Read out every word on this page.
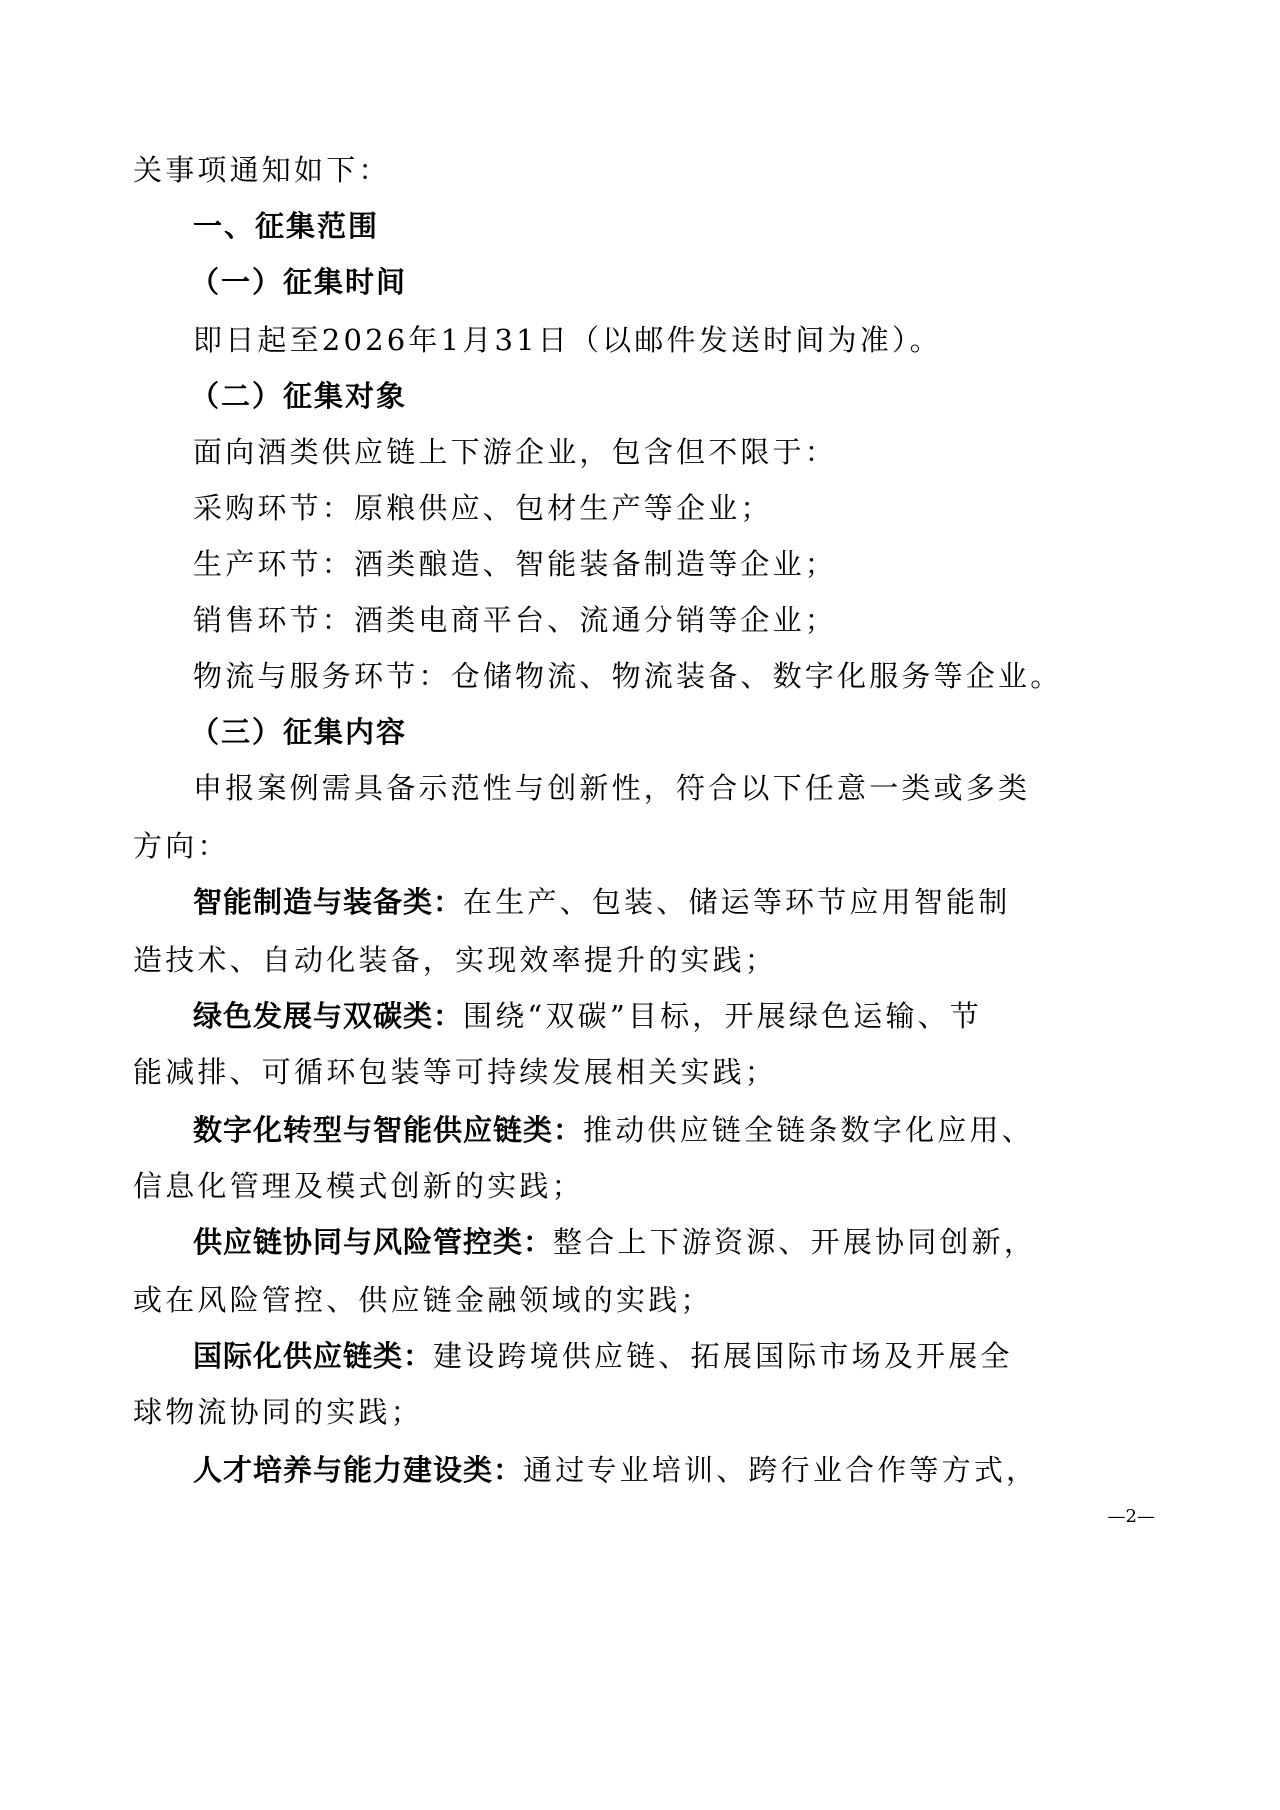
关事项通知如下：
一、征集范围
（一）征集时间
即日起至2026年1月31日（以邮件发送时间为准）。
（二）征集对象
面向酒类供应链上下游企业，包含但不限于：
采购环节：原粮供应、包材生产等企业；
生产环节：酒类酿造、智能装备制造等企业；
销售环节：酒类电商平台、流通分销等企业；
物流与服务环节：仓储物流、物流装备、数字化服务等企业。
（三）征集内容
申报案例需具备示范性与创新性，符合以下任意一类或多类
方向：
智能制造与装备类：在生产、包装、储运等环节应用智能制
造技术、自动化装备，实现效率提升的实践；
绿色发展与双碳类：围绕“双碳”目标，开展绿色运输、节
能减排、可循环包装等可持续发展相关实践；
数字化转型与智能供应链类：推动供应链全链条数字化应用、
信息化管理及模式创新的实践；
供应链协同与风险管控类：整合上下游资源、开展协同创新，
或在风险管控、供应链金融领域的实践；
国际化供应链类：建设跨境供应链、拓展国际市场及开展全
球物流协同的实践；
人才培养与能力建设类：通过专业培训、跨行业合作等方式，
—2—
